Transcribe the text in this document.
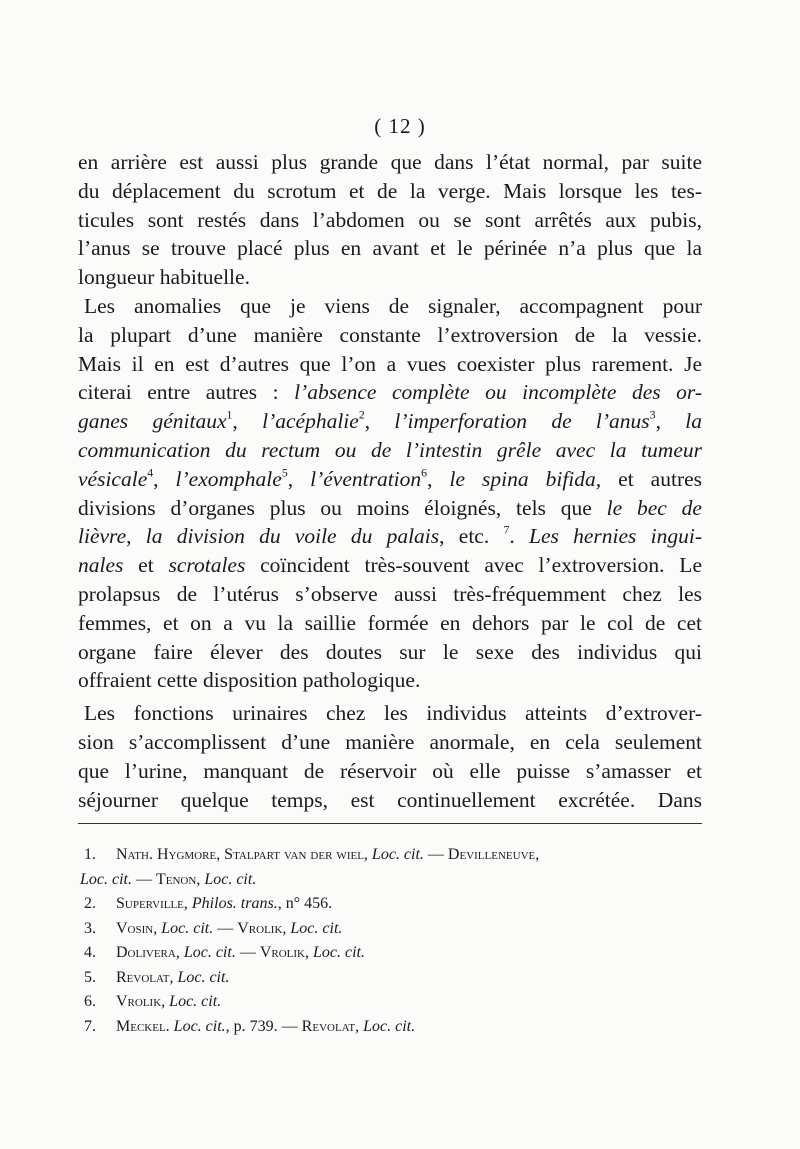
( 12 )
en arrière est aussi plus grande que dans l’état normal, par suite
du déplacement du scrotum et de la verge. Mais lorsque les tes-
ticules sont restés dans l’abdomen ou se sont arrêtés aux pubis,
l’anus se trouve placé plus en avant et le périnée n’a plus que la
longueur habituelle.
Les anomalies que je viens de signaler, accompagnent pour
la plupart d’une manière constante l’extroversion de la vessie.
Mais il en est d’autres que l’on a vues coexister plus rarement. Je
citerai entre autres : l’absence complète ou incomplète des or-
ganes génitaux$^1$, l’acéphalie$^2$, l’imperforation de l’anus$^3$, la
communication du rectum ou de l’intestin grêle avec la tumeur
vésicale$^4$, l’exomphale$^5$, l’éventration$^6$, le spina bifida, et autres
divisions d’organes plus ou moins éloignés, tels que le bec de
lièvre, la division du voile du palais, etc. $^7$. Les hernies ingui-
nales et scrotales coïncident très-souvent avec l’extroversion. Le
prolapsus de l’utérus s’observe aussi très-fréquemment chez les
femmes, et on a vu la saillie formée en dehors par le col de cet
organe faire élever des doutes sur le sexe des individus qui
offraient cette disposition pathologique.
Les fonctions urinaires chez les individus atteints d’extrover-
sion s’accomplissent d’une manière anormale, en cela seulement
que l’urine, manquant de réservoir où elle puisse s’amasser et
séjourner quelque temps, est continuellement excrétée. Dans
1.	Nath. Hygmore, Stalpart van der wiel, Loc. cit. — Devilleneuve,
Loc. cit. — Tenon, Loc. cit.
2.	Superville, Philos. trans., n° 456.
3.	Vosin, Loc. cit. — Vrolik, Loc. cit.
4.	Dolivera, Loc. cit. — Vrolik, Loc. cit.
5.	Revolat, Loc. cit.
6.	Vrolik, Loc. cit.
7.	Meckel. Loc. cit., p. 739. — Revolat, Loc. cit.
